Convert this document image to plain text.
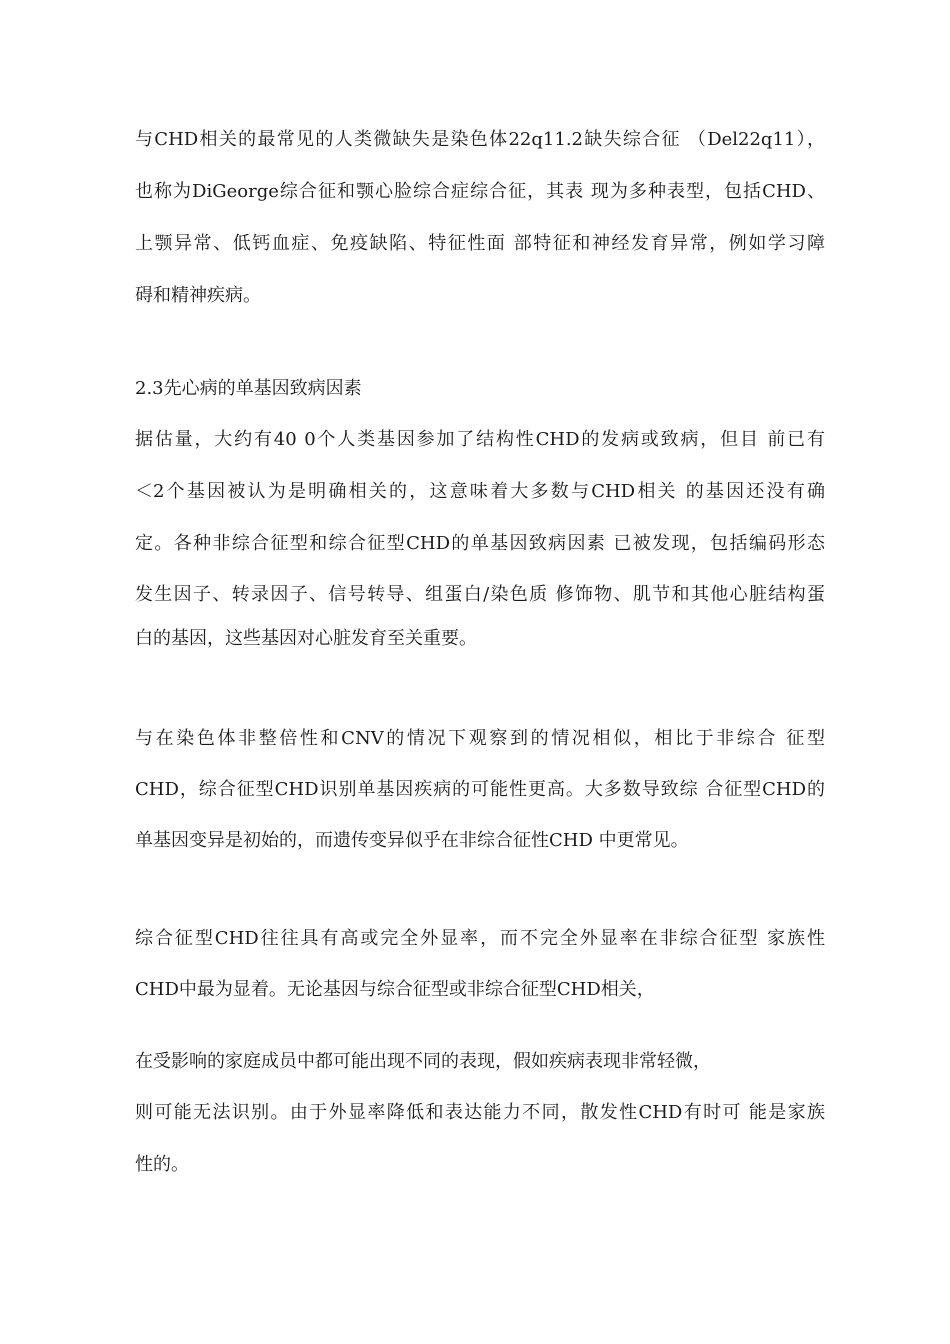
与CHD相关的最常见的人类微缺失是染色体22q11.2缺失综合征 （Del22q11），
也称为DiGeorge综合征和颚心脸综合症综合征，其表 现为多种表型，包括CHD、
上颚异常、低钙血症、免疫缺陷、特征性面 部特征和神经发育异常，例如学习障
碍和精神疾病。
2.3先心病的单基因致病因素
据估量，大约有40 0个人类基因参加了结构性CHD的发病或致病，但目 前已有
＜2个基因被认为是明确相关的，这意味着大多数与CHD相关 的基因还没有确
定。各种非综合征型和综合征型CHD的单基因致病因素 已被发现，包括编码形态
发生因子、转录因子、信号转导、组蛋白/染色质 修饰物、肌节和其他心脏结构蛋
白的基因，这些基因对心脏发育至关重要。
与在染色体非整倍性和CNV的情况下观察到的情况相似，相比于非综合 征型
CHD，综合征型CHD识别单基因疾病的可能性更高。大多数导致综 合征型CHD的
单基因变异是初始的，而遗传变异似乎在非综合征性CHD 中更常见。
综合征型CHD往往具有高或完全外显率，而不完全外显率在非综合征型 家族性
CHD中最为显着。无论基因与综合征型或非综合征型CHD相关，
在受影响的家庭成员中都可能出现不同的表现，假如疾病表现非常轻微，
则可能无法识别。由于外显率降低和表达能力不同，散发性CHD有时可 能是家族
性的。
